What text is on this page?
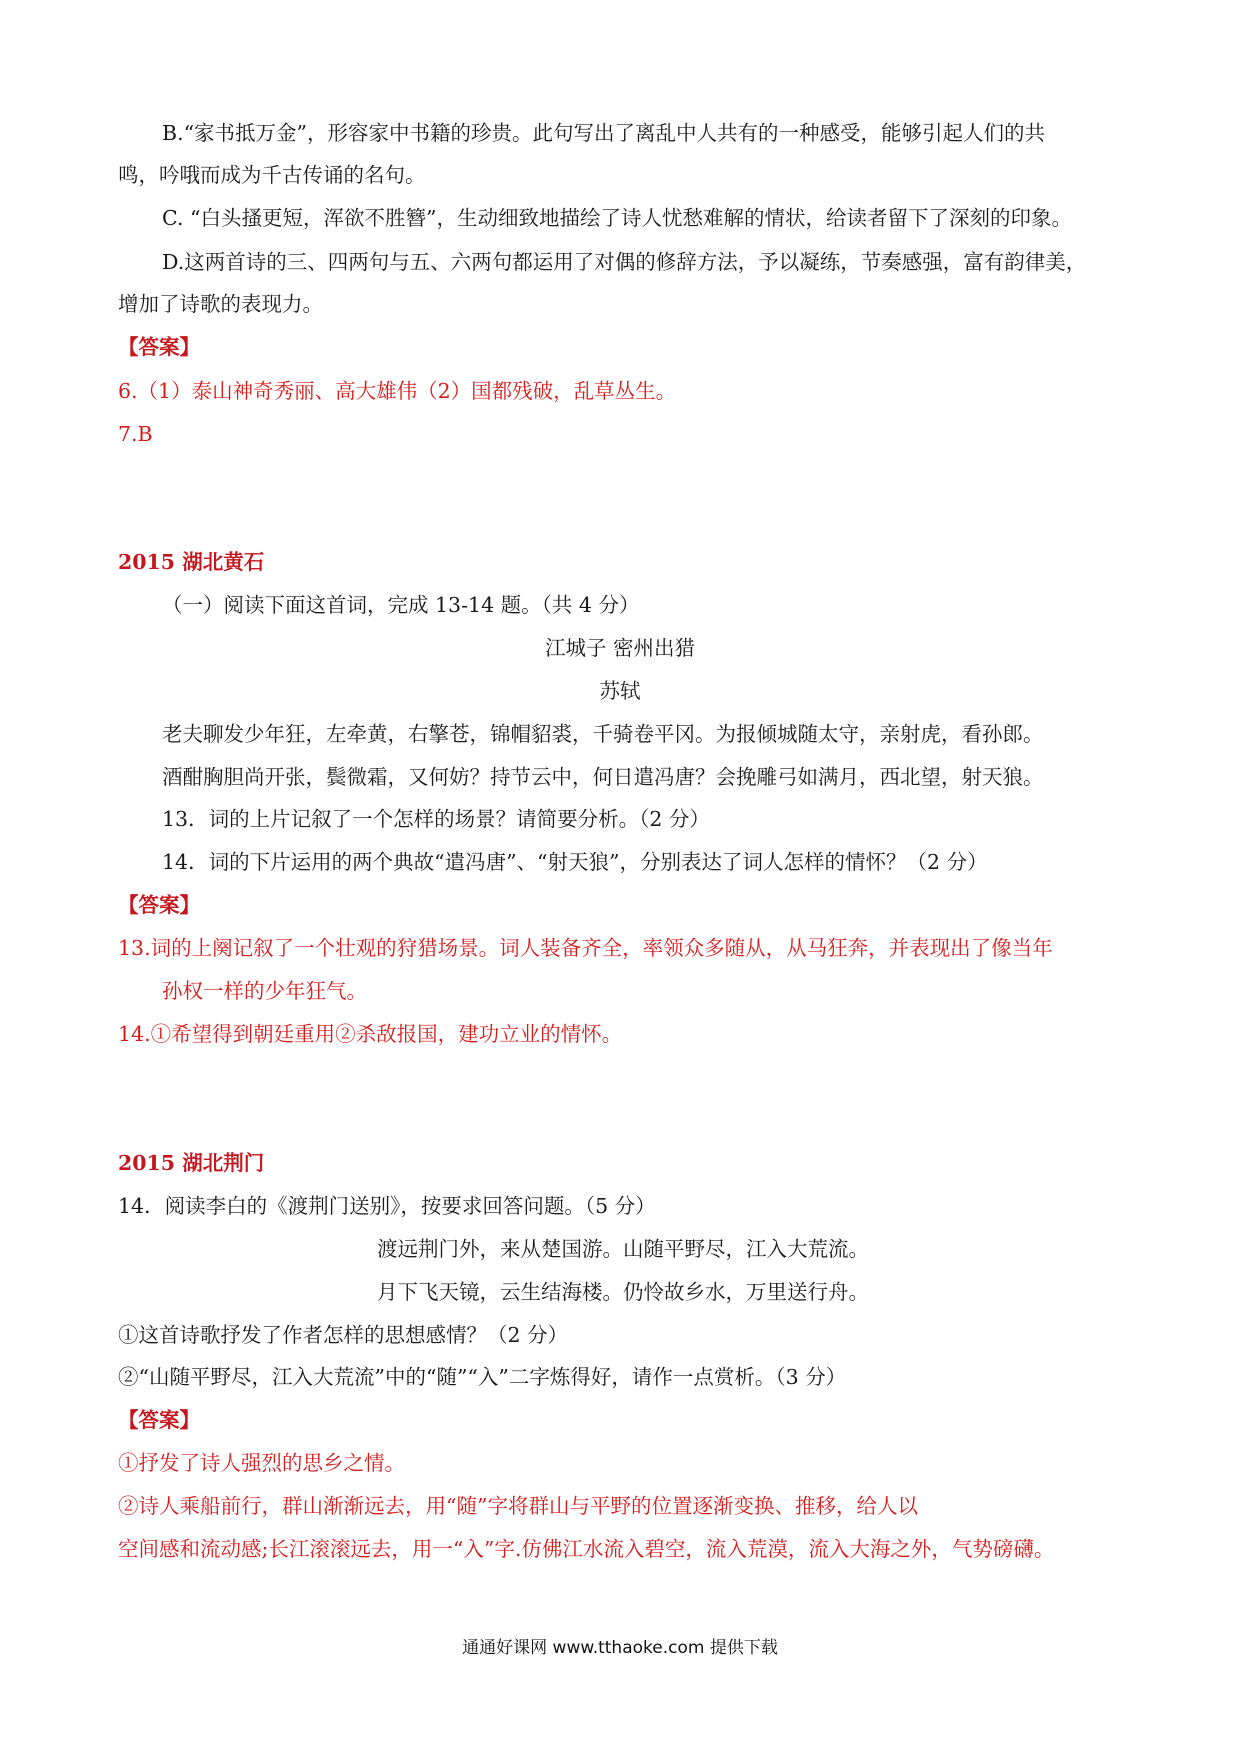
B.“家书抵万金”，形容家中书籍的珍贵。此句写出了离乱中人共有的一种感受，能够引起人们的共
鸣，吟哦而成为千古传诵的名句。
C. “白头搔更短，浑欲不胜簪”，生动细致地描绘了诗人忧愁难解的情状，给读者留下了深刻的印象。
D.这两首诗的三、四两句与五、六两句都运用了对偶的修辞方法，予以凝练，节奏感强，富有韵律美，
增加了诗歌的表现力。
【答案】
6.（1）泰山神奇秀丽、高大雄伟（2）国都残破，乱草丛生。
7.B
2015 湖北黄石
（一）阅读下面这首词，完成 13-14 题。（共 4 分）
江城子 密州出猎
苏轼
老夫聊发少年狂，左牵黄，右擎苍，锦帽貂裘，千骑卷平冈。为报倾城随太守，亲射虎，看孙郎。
酒酣胸胆尚开张，鬓微霜，又何妨？持节云中，何日遣冯唐？会挽雕弓如满月，西北望，射天狼。
13．词的上片记叙了一个怎样的场景？请简要分析。（2 分）
14．词的下片运用的两个典故“遣冯唐”、“射天狼”，分别表达了词人怎样的情怀？（2 分）
【答案】
13.词的上阕记叙了一个壮观的狩猎场景。词人装备齐全，率领众多随从，从马狂奔，并表现出了像当年
孙权一样的少年狂气。
14.①希望得到朝廷重用②杀敌报国，建功立业的情怀。
2015 湖北荆门
14．阅读李白的《渡荆门送别》，按要求回答问题。（5 分）
渡远荆门外，来从楚国游。山随平野尽，江入大荒流。
月下飞天镜，云生结海楼。仍怜故乡水，万里送行舟。
①这首诗歌抒发了作者怎样的思想感情？（2 分）
②“山随平野尽，江入大荒流”中的“随”“入”二字炼得好，请作一点赏析。（3 分）
【答案】
①抒发了诗人强烈的思乡之情。
②诗人乘船前行，群山渐渐远去，用“随”字将群山与平野的位置逐渐变换、推移，给人以
空间感和流动感;长江滚滚远去，用一“入”字.仿佛江水流入碧空，流入荒漠，流入大海之外，气势磅礴。
通通好课网 www.tthaoke.com 提供下载
